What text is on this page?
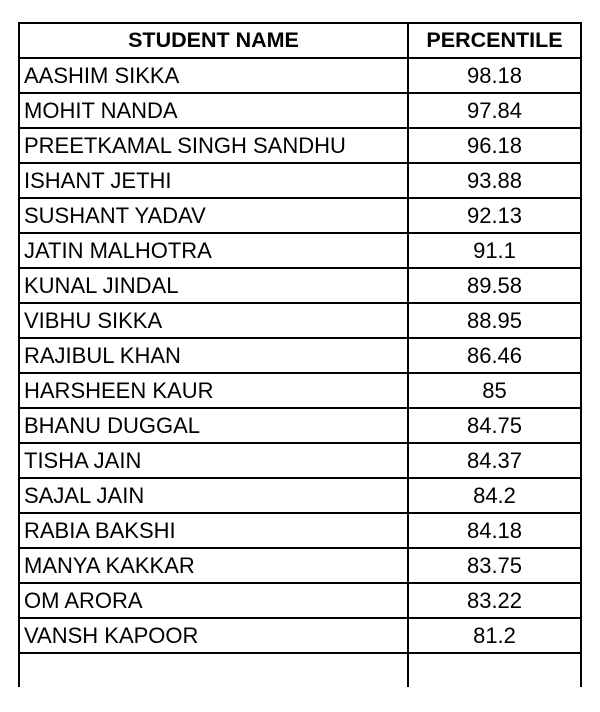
STUDENT NAME	PERCENTILE
AASHIM SIKKA	98.18
MOHIT NANDA	97.84
PREETKAMAL SINGH SANDHU	96.18
ISHANT JETHI	93.88
SUSHANT YADAV	92.13
JATIN MALHOTRA	91.1
KUNAL JINDAL	89.58
VIBHU SIKKA	88.95
RAJIBUL KHAN	86.46
HARSHEEN KAUR	85
BHANU DUGGAL	84.75
TISHA JAIN	84.37
SAJAL JAIN	84.2
RABIA BAKSHI	84.18
MANYA KAKKAR	83.75
OM ARORA	83.22
VANSH KAPOOR	81.2
